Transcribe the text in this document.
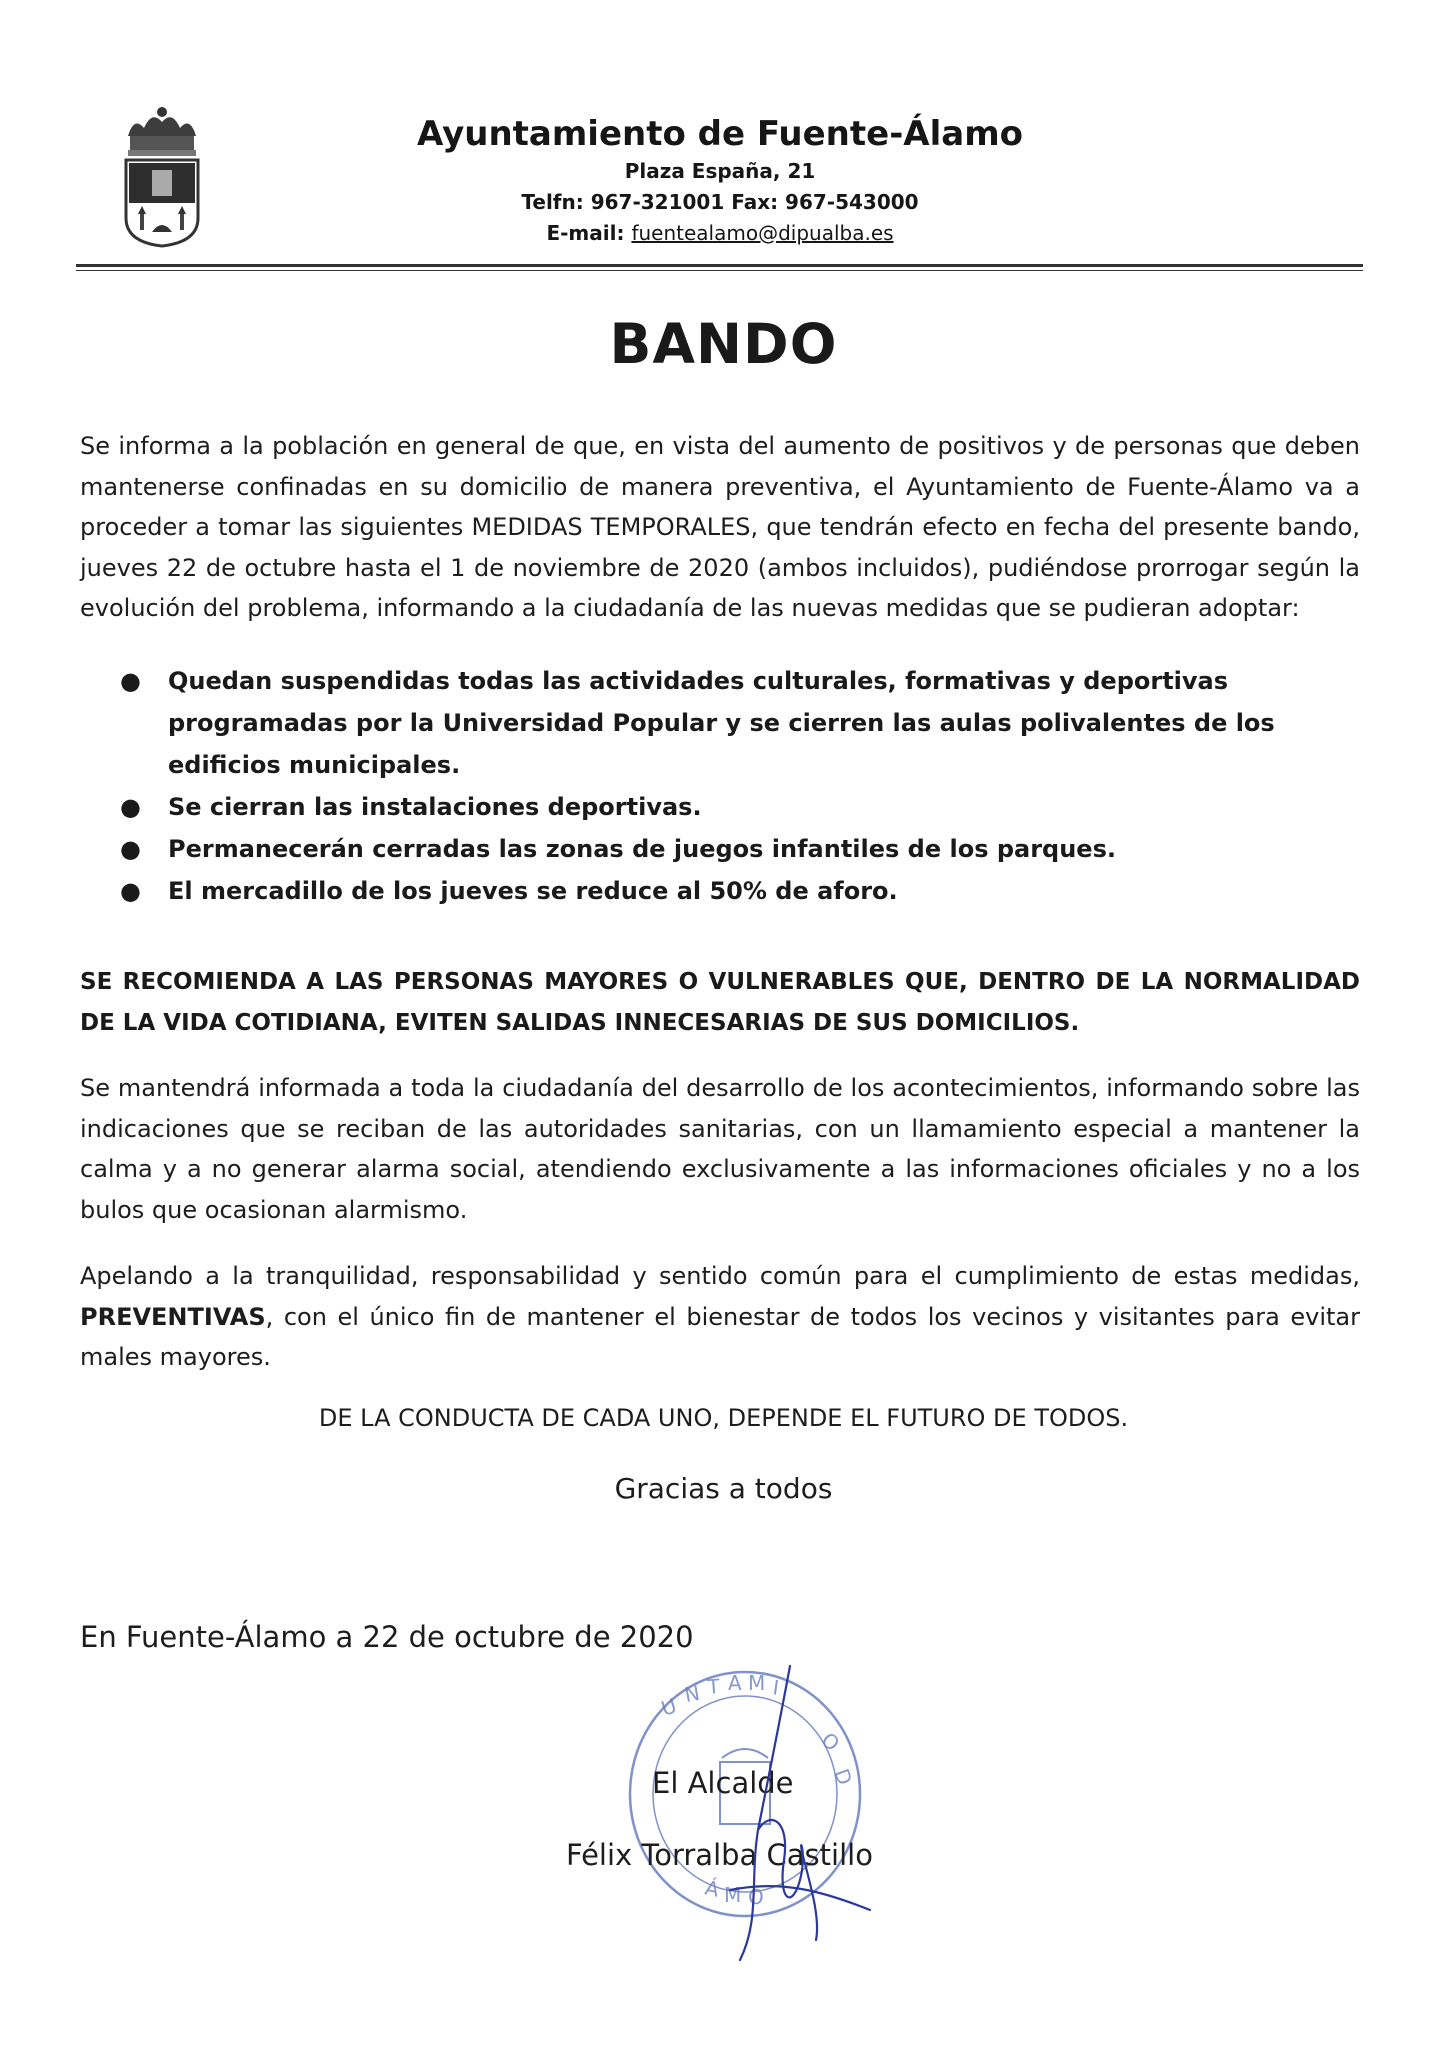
Ayuntamiento de Fuente-Álamo
Plaza España, 21
Telfn: 967-321001 Fax: 967-543000
E-mail: fuentealamo@dipualba.es
BANDO
Se informa a la población en general de que, en vista del aumento de positivos y de personas que deben mantenerse confinadas en su domicilio de manera preventiva, el Ayuntamiento de Fuente-Álamo va a proceder a tomar las siguientes MEDIDAS TEMPORALES, que tendrán efecto en fecha del presente bando, jueves 22 de octubre hasta el 1 de noviembre de 2020 (ambos incluidos), pudiéndose prorrogar según la evolución del problema, informando a la ciudadanía de las nuevas medidas que se pudieran adoptar:
● Quedan suspendidas todas las actividades culturales, formativas y deportivas programadas por la Universidad Popular y se cierren las aulas polivalentes de los edificios municipales.
● Se cierran las instalaciones deportivas.
● Permanecerán cerradas las zonas de juegos infantiles de los parques.
● El mercadillo de los jueves se reduce al 50% de aforo.
SE RECOMIENDA A LAS PERSONAS MAYORES O VULNERABLES QUE, DENTRO DE LA NORMALIDAD DE LA VIDA COTIDIANA, EVITEN SALIDAS INNECESARIAS DE SUS DOMICILIOS.
Se mantendrá informada a toda la ciudadanía del desarrollo de los acontecimientos, informando sobre las indicaciones que se reciban de las autoridades sanitarias, con un llamamiento especial a mantener la calma y a no generar alarma social, atendiendo exclusivamente a las informaciones oficiales y no a los bulos que ocasionan alarmismo.
Apelando a la tranquilidad, responsabilidad y sentido común para el cumplimiento de estas medidas, PREVENTIVAS, con el único fin de mantener el bienestar de todos los vecinos y visitantes para evitar males mayores.
DE LA CONDUCTA DE CADA UNO, DEPENDE EL FUTURO DE TODOS.
Gracias a todos
En Fuente-Álamo a 22 de octubre de 2020
U N T A M I
O
D
Á M O
El Alcalde
Félix Torralba Castillo
